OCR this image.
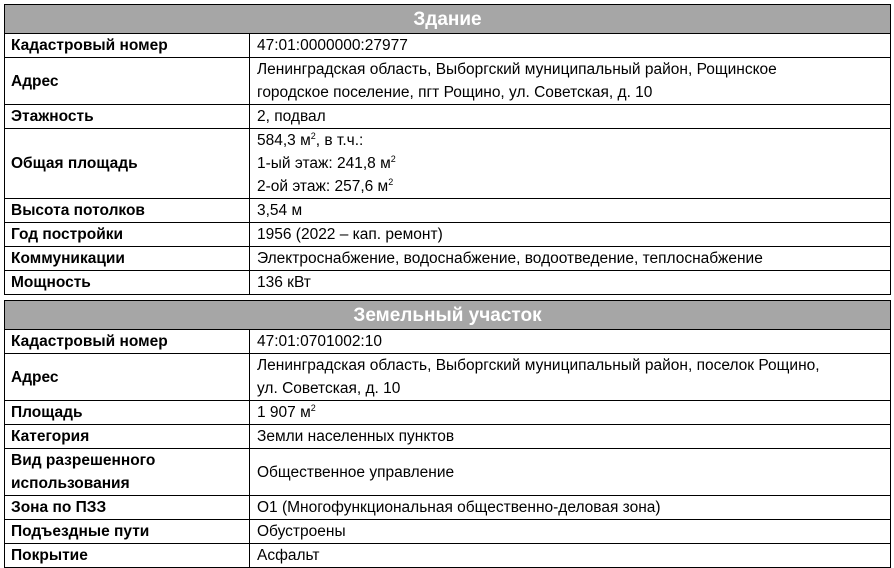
Здание	
Кадастровый номер	47:01:0000000:27977
Адрес	Ленинградская область, Выборгский муниципальный район, Рощинское
городское поселение, пгт Рощино, ул. Советская, д. 10

Этажность	2, подвал
Общая площадь	584,3 $м^2$, в т.ч.:
1-ый этаж: 241,8 $м^2$
2-ой этаж: 257,6 $м^2$

Высота потолков	3,54 м
Год постройки	1956 (2022 – кап. ремонт)
Коммуникации	Электроснабжение, водоснабжение, водоотведение, теплоснабжение
Мощность	136 кВт
Земельный участок	
Кадастровый номер	47:01:0701002:10
Адрес	Ленинградская область, Выборгский муниципальный район, поселок Рощино,
ул. Советская, д. 10

Площадь	1 907 $м^2$
Категория	Земли населенных пунктов

Вид разрешенного
использования	Общественное управление
Зона по ПЗЗ	О1 (Многофункциональная общественно-деловая зона)
Подъездные пути	Обустроены
Покрытие	Асфальт
